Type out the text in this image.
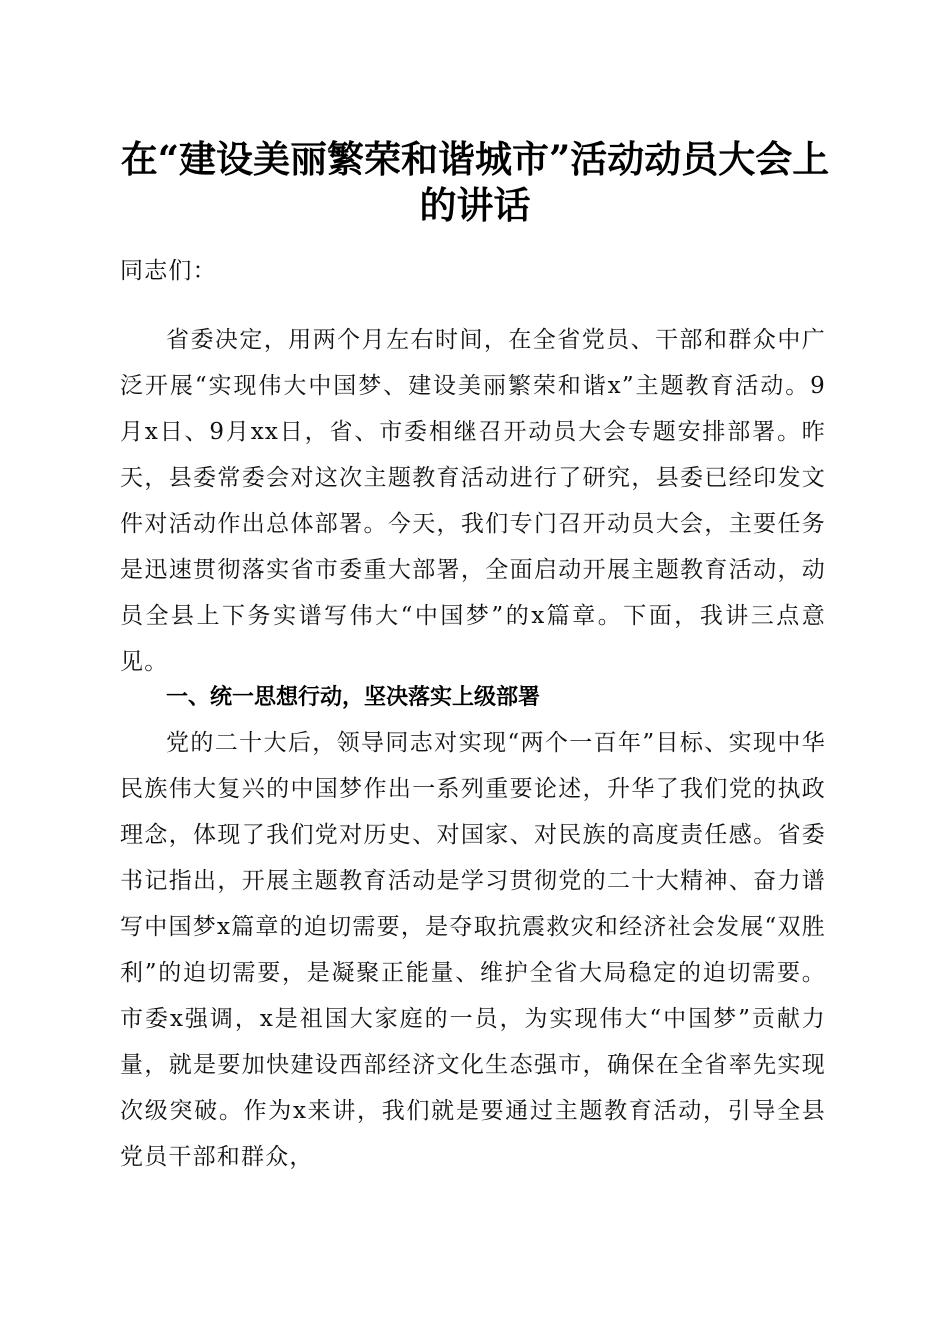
在“建设美丽繁荣和谐城市”活动动员大会上
的讲话

同志们：

省委决定，用两个月左右时间，在全省党员、干部和群众中广泛开展“实现伟大中国梦、建设美丽繁荣和谐x”主题教育活动。9月x日、9月xx日，省、市委相继召开动员大会专题安排部署。昨天，县委常委会对这次主题教育活动进行了研究，县委已经印发文件对活动作出总体部署。今天，我们专门召开动员大会，主要任务是迅速贯彻落实省市委重大部署，全面启动开展主题教育活动，动员全县上下务实谱写伟大“中国梦”的x篇章。下面，我讲三点意见。

一、统一思想行动，坚决落实上级部署

党的二十大后，领导同志对实现“两个一百年”目标、实现中华民族伟大复兴的中国梦作出一系列重要论述，升华了我们党的执政理念，体现了我们党对历史、对国家、对民族的高度责任感。省委书记指出，开展主题教育活动是学习贯彻党的二十大精神、奋力谱写中国梦x篇章的迫切需要，是夺取抗震救灾和经济社会发展“双胜利”的迫切需要，是凝聚正能量、维护全省大局稳定的迫切需要。市委x强调，x是祖国大家庭的一员，为实现伟大“中国梦”贡献力量，就是要加快建设西部经济文化生态强市，确保在全省率先实现次级突破。作为x来讲，我们就是要通过主题教育活动，引导全县党员干部和群众，
